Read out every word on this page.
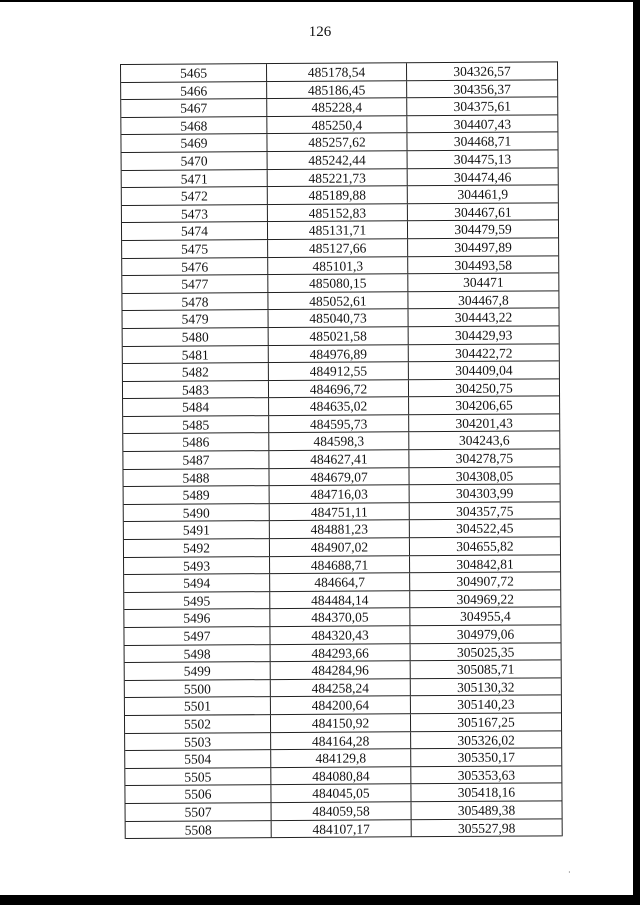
126
5465	485178,54	304326,57
5466	485186,45	304356,37
5467	485228,4	304375,61
5468	485250,4	304407,43
5469	485257,62	304468,71
5470	485242,44	304475,13
5471	485221,73	304474,46
5472	485189,88	304461,9
5473	485152,83	304467,61
5474	485131,71	304479,59
5475	485127,66	304497,89
5476	485101,3	304493,58
5477	485080,15	304471
5478	485052,61	304467,8
5479	485040,73	304443,22
5480	485021,58	304429,93
5481	484976,89	304422,72
5482	484912,55	304409,04
5483	484696,72	304250,75
5484	484635,02	304206,65
5485	484595,73	304201,43
5486	484598,3	304243,6
5487	484627,41	304278,75
5488	484679,07	304308,05
5489	484716,03	304303,99
5490	484751,11	304357,75
5491	484881,23	304522,45
5492	484907,02	304655,82
5493	484688,71	304842,81
5494	484664,7	304907,72
5495	484484,14	304969,22
5496	484370,05	304955,4
5497	484320,43	304979,06
5498	484293,66	305025,35
5499	484284,96	305085,71
5500	484258,24	305130,32
5501	484200,64	305140,23
5502	484150,92	305167,25
5503	484164,28	305326,02
5504	484129,8	305350,17
5505	484080,84	305353,63
5506	484045,05	305418,16
5507	484059,58	305489,38
5508	484107,17	305527,98
·
